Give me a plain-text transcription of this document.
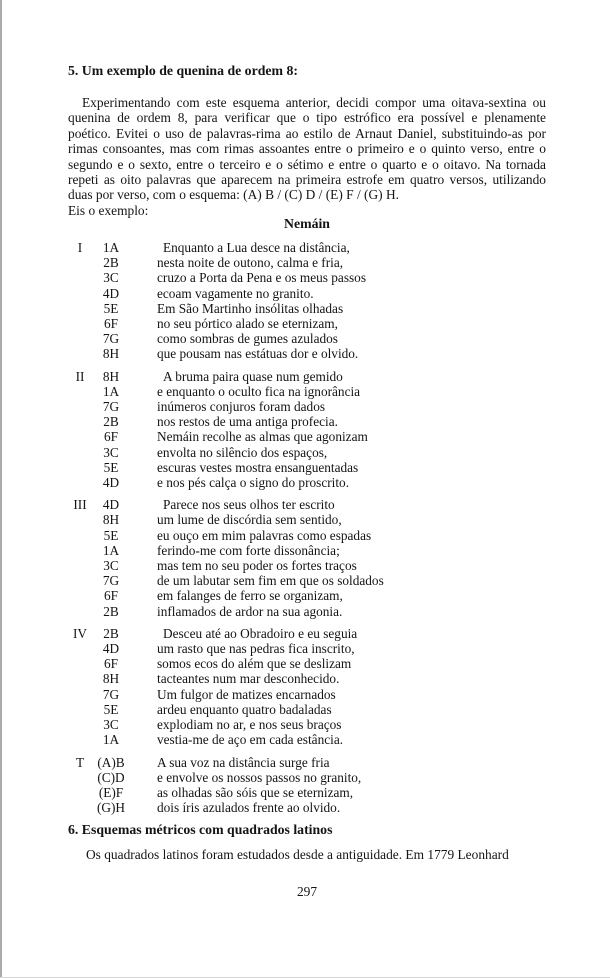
5. Um exemplo de quenina de ordem 8:

Experimentando com este esquema anterior, decidi compor uma oitava-sextina ou quenina de ordem 8, para verificar que o tipo estrófico era possível e plenamente poético. Evitei o uso de palavras-rima ao estilo de Arnaut Daniel, substituindo-as por rimas consoantes, mas com rimas assoantes entre o primeiro e o quinto verso, entre o segundo e o sexto, entre o terceiro e o sétimo e entre o quarto e o oitavo. Na tornada repeti as oito palavras que aparecem na primeira estrofe em quatro versos, utilizando duas por verso, com o esquema: (A) B / (C) D / (E) F / (G) H.

Eis o exemplo:

Nemáin
I	1A	Enquanto a Lua desce na distância,
2B	nesta noite de outono, calma e fria,
3C	cruzo a Porta da Pena e os meus passos
4D	ecoam vagamente no granito.
5E	Em São Martinho insólitas olhadas
6F	no seu pórtico alado se eternizam,
7G	como sombras de gumes azulados
8H	que pousam nas estátuas dor e olvido.
II	8H	A bruma paira quase num gemido
1A	e enquanto o oculto fica na ignorância
7G	inúmeros conjuros foram dados
2B	nos restos de uma antiga profecia.
6F	Nemáin recolhe as almas que agonizam
3C	envolta no silêncio dos espaços,
5E	escuras vestes mostra ensanguentadas
4D	e nos pés calça o signo do proscrito.
III	4D	Parece nos seus olhos ter escrito
8H	um lume de discórdia sem sentido,
5E	eu ouço em mim palavras como espadas
1A	ferindo-me com forte dissonância;
3C	mas tem no seu poder os fortes traços
7G	de um labutar sem fim em que os soldados
6F	em falanges de ferro se organizam,
2B	inflamados de ardor na sua agonia.
IV	2B	Desceu até ao Obradoiro e eu seguia
4D	um rasto que nas pedras fica inscrito,
6F	somos ecos do além que se deslizam
8H	tacteantes num mar desconhecido.
7G	Um fulgor de matizes encarnados
5E	ardeu enquanto quatro badaladas
3C	explodiam no ar, e nos seus braços
1A	vestia-me de aço em cada estância.
T (A)B	A sua voz na distância surge fria
(C)D	e envolve os nossos passos no granito,
(E)F	as olhadas são sóis que se eternizam,
(G)H	dois íris azulados frente ao olvido.
6. Esquemas métricos com quadrados latinos

Os quadrados latinos foram estudados desde a antiguidade. Em 1779 Leonhard

297
